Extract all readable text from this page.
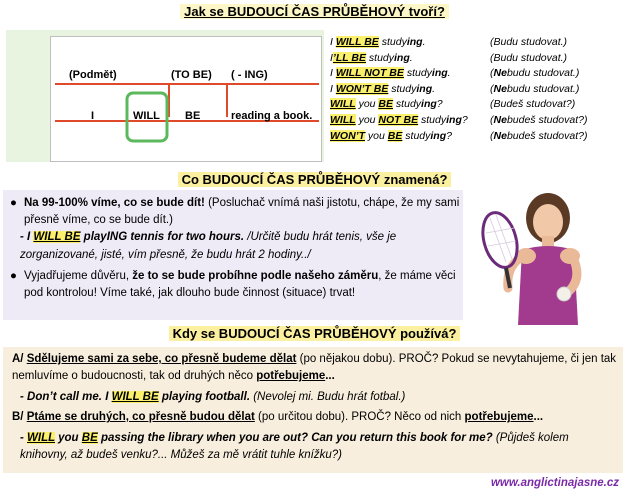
Jak se BUDOUCÍ ČAS PRŮBĚHOVÝ tvoří?
(Podmět)	(TO BE) ( - ING)
I	WILL BE	reading a book.
I WILL BE studying.	(Budu studovat.)
I’LL BE studying.	(Budu studovat.)
I WILL NOT BE studying.	(Nebudu studovat.)
I WON’T BE studying.	(Nebudu studovat.)
WILL you BE studying?	(Budeš studovat?)
WILL you NOT BE studying?	(Nebudeš studovat?)
WON’T you BE studying?	(Nebudeš studovat?)
Co BUDOUCÍ ČAS PRŮBĚHOVÝ znamená?
● Na 99-100% víme, co se bude dít! (Posluchač vnímá naši jistotu, chápe, že my sami přesně víme, co se bude dít.)
- I WILL BE playING tennis for two hours. /Určitě budu hrát tenis, vše je zorganizované, jisté, vím přesně, že budu hrát 2 hodiny../
● Vyjadřujeme důvěru, že to se bude probíhne podle našeho záměru, že máme věci pod kontrolou! Víme také, jak dlouho bude činnost (situace) trvat!
Kdy se BUDOUCÍ ČAS PRŮBĚHOVÝ používá?
A/ Sdělujeme sami za sebe, co přesně budeme dělat (po nějakou dobu). PROČ? Pokud se nevytahujeme, či jen tak nemluvíme o budoucnosti, tak od druhých něco potřebujeme...
- Don’t call me. I WILL BE playing football. (Nevolej mi. Budu hrát fotbal.)
B/ Ptáme se druhých, co přesně budou dělat (po určitou dobu). PROČ? Něco od nich potřebujeme...
- WILL you BE passing the library when you are out? Can you return this book for me? (Půjdeš kolem knihovny, až budeš venku?... Můžeš za mě vrátit tuhle knížku?)
www.anglictinajasne.cz
